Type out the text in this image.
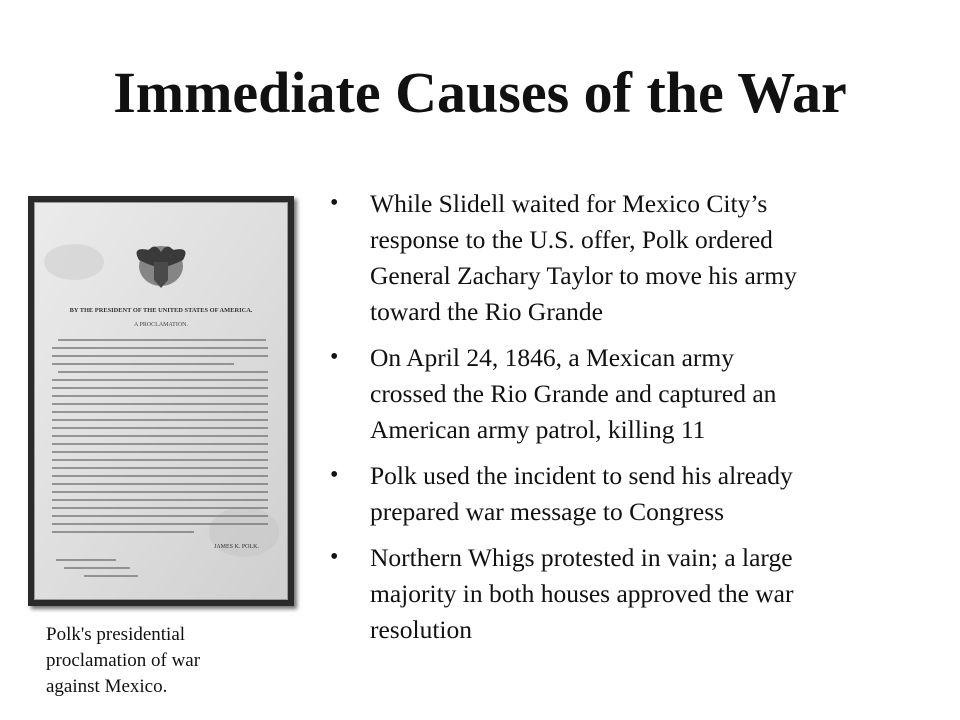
Immediate Causes of the War
BY THE PRESIDENT OF THE UNITED STATES OF AMERICA.
A PROCLAMATION.
JAMES K. POLK.
Polk's presidential
proclamation of war
against Mexico.
• While Slidell waited for Mexico City’s
response to the U.S. offer, Polk ordered
General Zachary Taylor to move his army
toward the Rio Grande
• On April 24, 1846, a Mexican army
crossed the Rio Grande and captured an
American army patrol, killing 11
• Polk used the incident to send his already
prepared war message to Congress
• Northern Whigs protested in vain; a large
majority in both houses approved the war
resolution
